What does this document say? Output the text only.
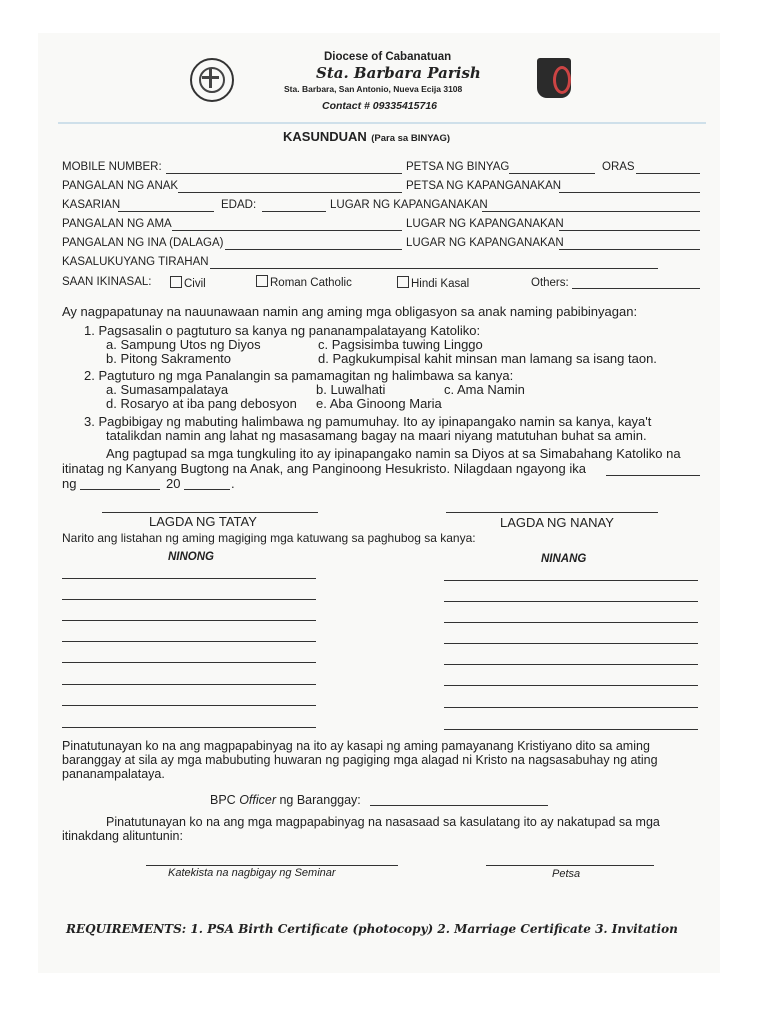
Diocese of Cabanatuan
Sta. Barbara Parish
Sta. Barbara, San Antonio, Nueva Ecija 3108
Contact # 09335415716
KASUNDUAN (Para sa BINYAG)
MOBILE NUMBER:	PETSA NG BINYAG	ORAS
PANGALAN NG ANAK	PETSA NG KAPANGANAKAN
KASARIAN	EDAD:	LUGAR NG KAPANGANAKAN
PANGALAN NG AMA	LUGAR NG KAPANGANAKAN
PANGALAN NG INA (DALAGA)	LUGAR NG KAPANGANAKAN
KASALUKUYANG TIRAHAN
SAAN IKINASAL:	Civil	Roman Catholic	Hindi Kasal	Others:
Ay nagpapatunay na nauunawaan namin ang aming mga obligasyon sa anak naming pabibinyagan:
1. Pagsasalin o pagtuturo sa kanya ng pananampalatayang Katoliko:
a. Sampung Utos ng Diyos	c. Pagsisimba tuwing Linggo
b. Pitong Sakramento	d. Pagkukumpisal kahit minsan man lamang sa isang taon.
2. Pagtuturo ng mga Panalangin sa pamamagitan ng halimbawa sa kanya:
a. Sumasampalataya	b. Luwalhati	c. Ama Namin
d. Rosaryo at iba pang debosyon e. Aba Ginoong Maria
3. Pagbibigay ng mabuting halimbawa ng pamumuhay. Ito ay ipinapangako namin sa kanya, kaya't
tatalikdan namin ang lahat ng masasamang bagay na maari niyang matutuhan buhat sa amin.
Ang pagtupad sa mga tungkuling ito ay ipinapangako namin sa Diyos at sa Simabahang Katoliko na
itinatag ng Kanyang Bugtong na Anak, ang Panginoong Hesukristo. Nilagdaan ngayong ika
ng	20	.
LAGDA NG TATAY	LAGDA NG NANAY
Narito ang listahan ng aming magiging mga katuwang sa paghubog sa kanya:
NINONG	NINANG
Pinatutunayan ko na ang magpapabinyag na ito ay kasapi ng aming pamayanang Kristiyano dito sa aming
baranggay at sila ay mga mabubuting huwaran ng pagiging mga alagad ni Kristo na nagsasabuhay ng ating
pananampalataya.
BPC Officer ng Baranggay:
Pinatutunayan ko na ang mga magpapabinyag na nasasaad sa kasulatang ito ay nakatupad sa mga
itinakdang alituntunin:
Katekista na nagbigay ng Seminar	Petsa
REQUIREMENTS: 1. PSA Birth Certificate (photocopy) 2. Marriage Certificate 3. Invitation
